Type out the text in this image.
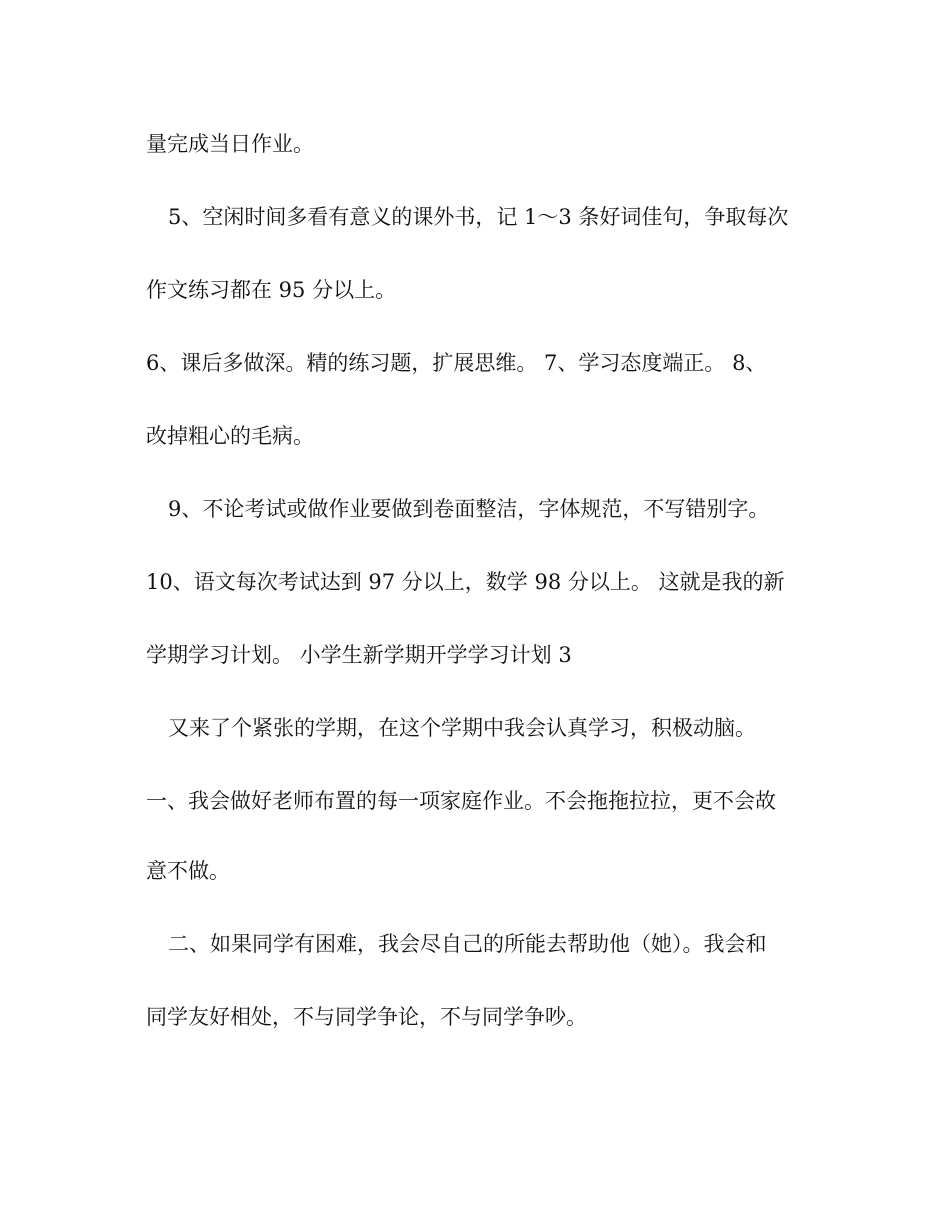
量完成当日作业。
5、空闲时间多看有意义的课外书，记 1～3 条好词佳句，争取每次
作文练习都在 95 分以上。
6、课后多做深。精的练习题，扩展思维。 7、学习态度端正。 8、
改掉粗心的毛病。
9、不论考试或做作业要做到卷面整洁，字体规范，不写错别字。
10、语文每次考试达到 97 分以上，数学 98 分以上。 这就是我的新
学期学习计划。 小学生新学期开学学习计划 3
又来了个紧张的学期，在这个学期中我会认真学习，积极动脑。
一、我会做好老师布置的每一项家庭作业。不会拖拖拉拉，更不会故
意不做。
二、如果同学有困难，我会尽自己的所能去帮助他（她）。我会和
同学友好相处，不与同学争论，不与同学争吵。
